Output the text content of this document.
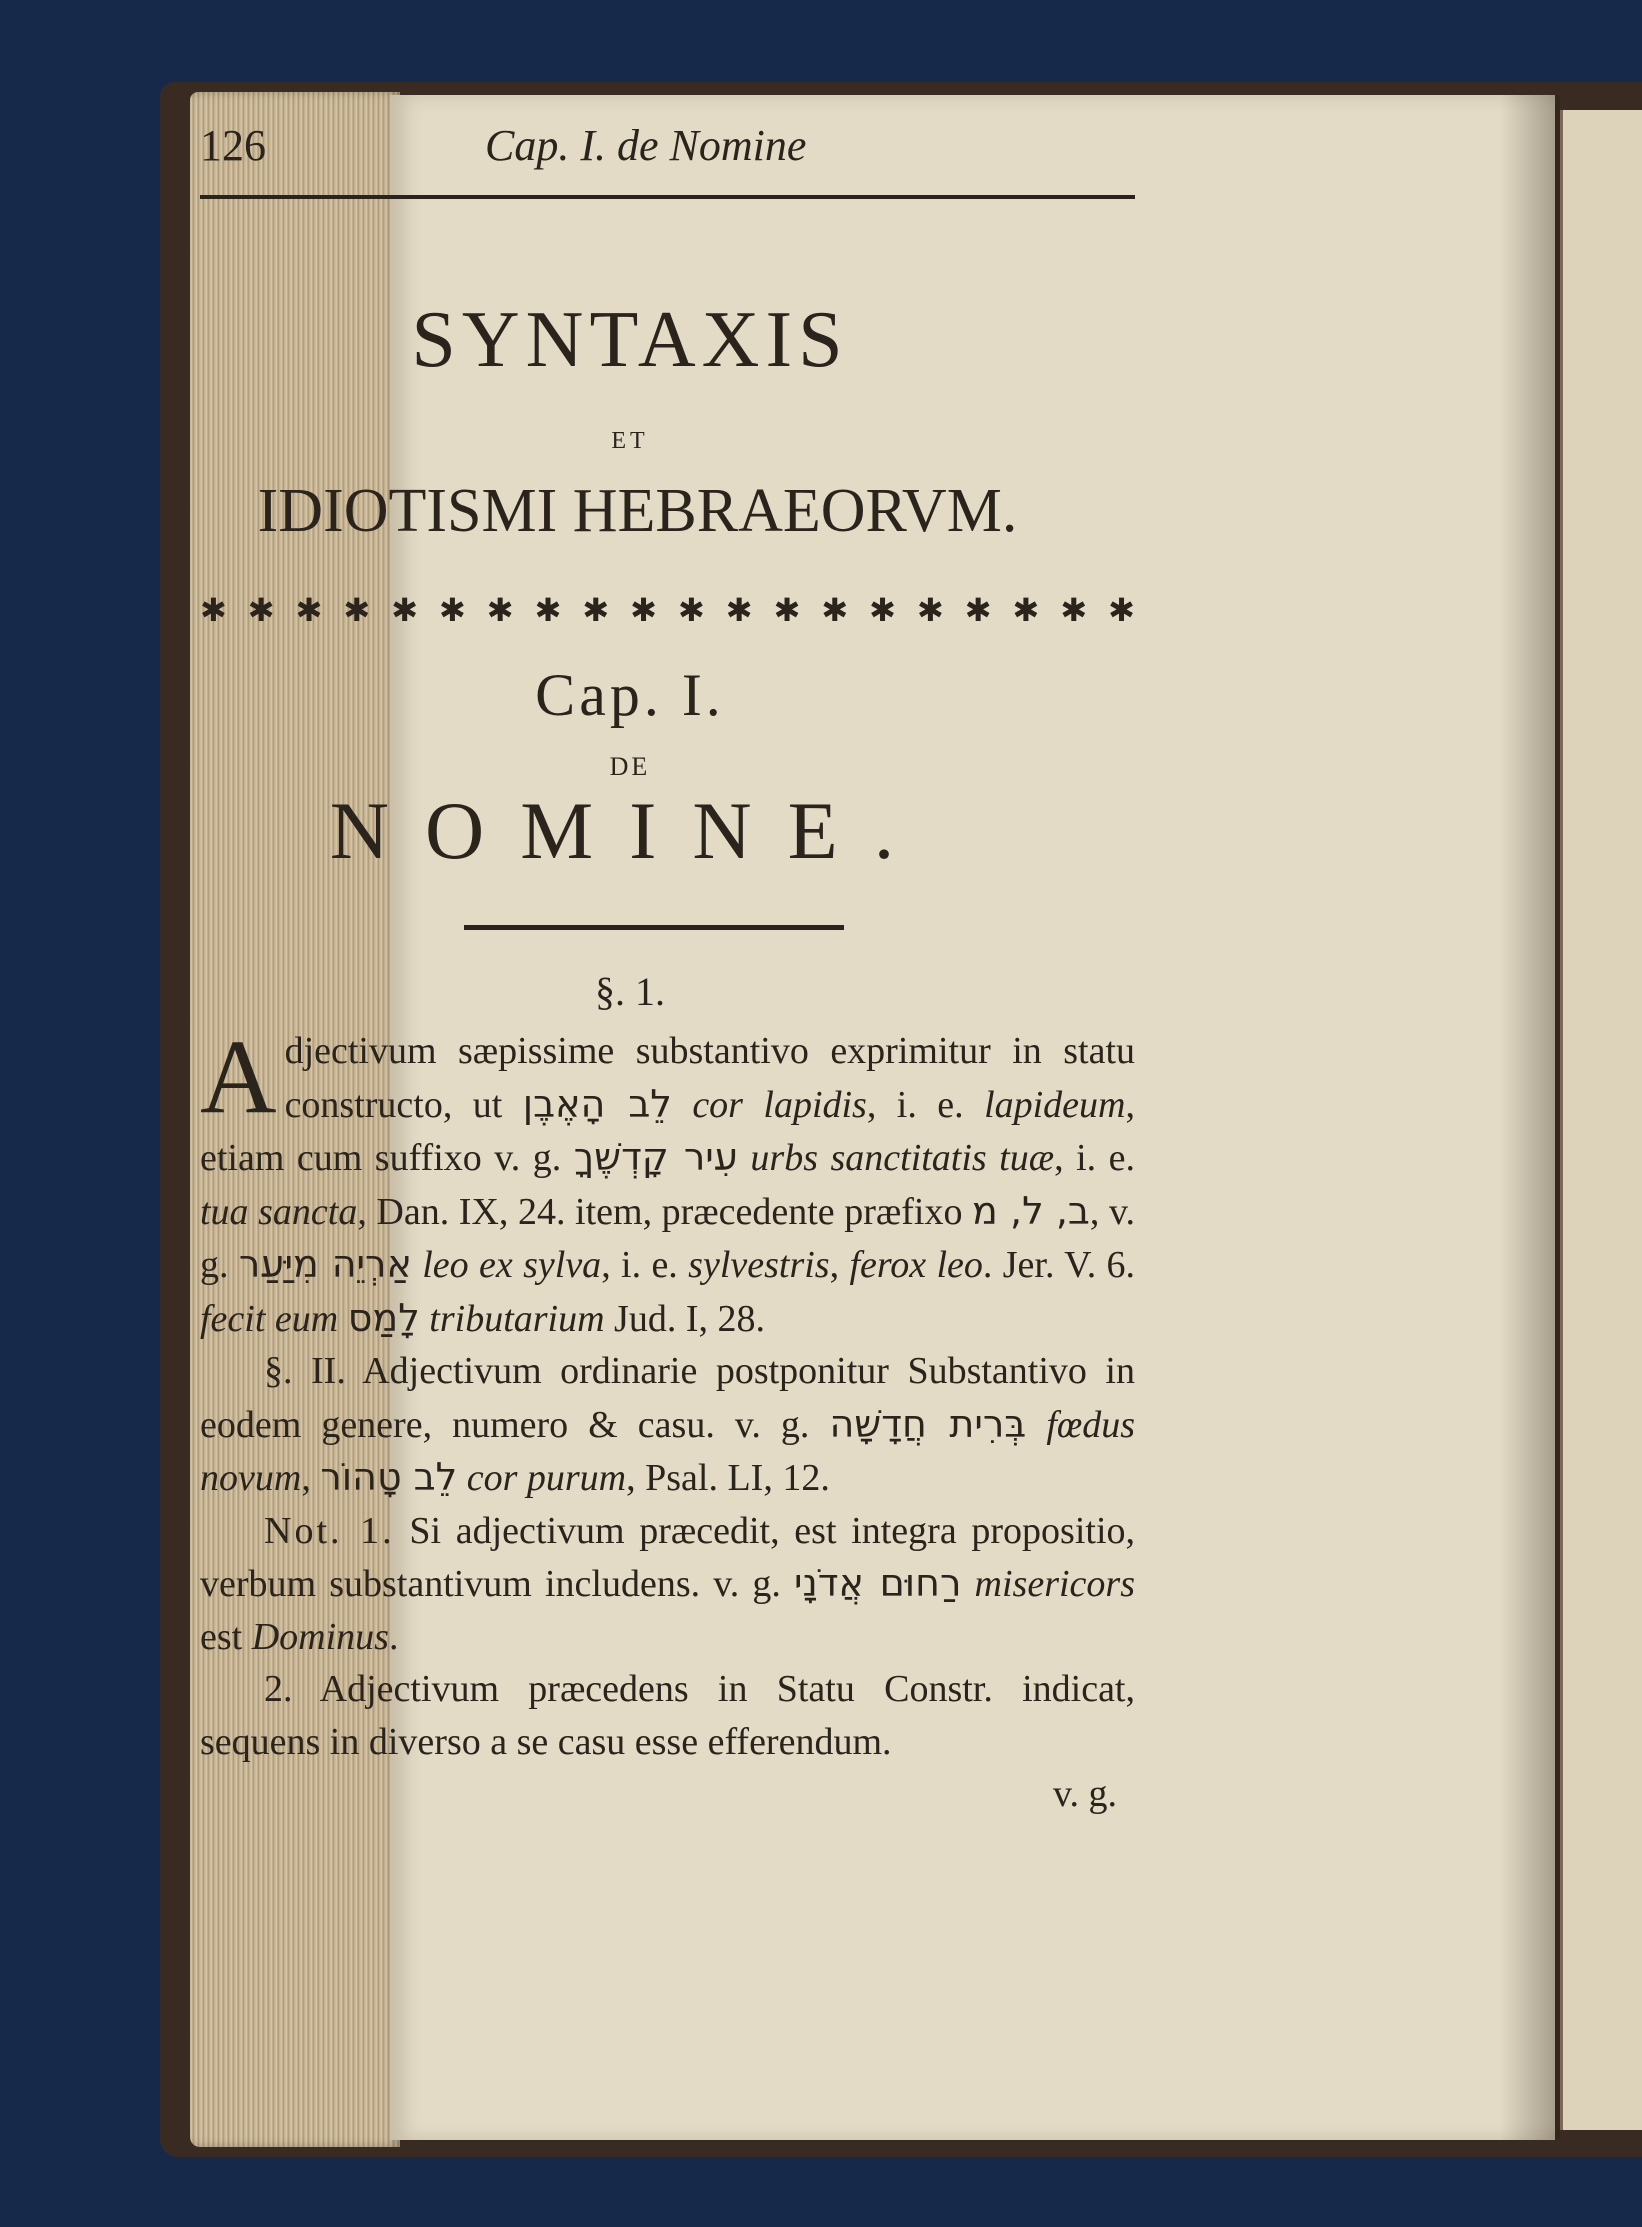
126	Cap. I. de Nomine
SYNTAXIS
ET
IDIOTISMI HEBRAEORVM.
✱ ✱ ✱ ✱ ✱ ✱ ✱ ✱ ✱ ✱ ✱ ✱ ✱ ✱ ✱ ✱ ✱ ✱ ✱ ✱
Cap. I.
DE
NOMINE.
§. 1.

Adjectivum sæpissime substantivo exprimitur in statu constructo, ut לֵב הָאֶבֶן cor lapidis, i. e. lapideum, etiam cum suffixo v. g. עִיר קָדְשֶׁךָ urbs sanctitatis tuæ, i. e. tua sancta, Dan. IX, 24. item, præcedente præfixo ב, ל, מ, v. g. אַרְיֵה מִיַּעַר leo ex sylva, i. e. sylvestris, ferox leo. Jer. V. 6. fecit eum לָמַס tributarium Jud. I, 28.

§. II. Adjectivum ordinarie postponitur Substantivo in eodem genere, numero & casu. v. g. בְּרִית חֲדָשָׁה fœdus novum, לֵב טָהוֹר cor purum, Psal. LI, 12.

Not. 1. Si adjectivum præcedit, est integra propositio, verbum substantivum includens. v. g. רַחוּם אֲדֹנָי misericors est Dominus.

2. Adjectivum præcedens in Statu Constr. indicat, sequens in diverso a se casu esse efferendum.

v. g.
